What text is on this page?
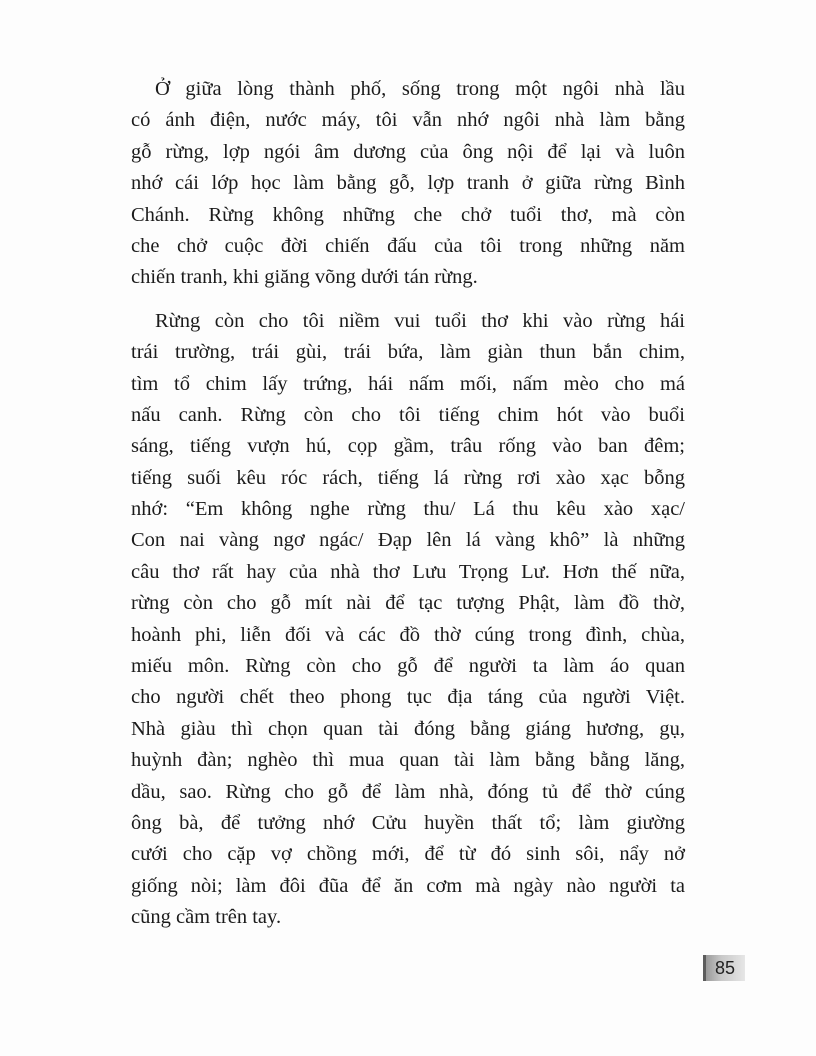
Ở giữa lòng thành phố, sống trong một ngôi nhà lầu
có ánh điện, nước máy, tôi vẫn nhớ ngôi nhà làm bằng
gỗ rừng, lợp ngói âm dương của ông nội để lại và luôn
nhớ cái lớp học làm bằng gỗ, lợp tranh ở giữa rừng Bình
Chánh. Rừng không những che chở tuổi thơ, mà còn
che chở cuộc đời chiến đấu của tôi trong những năm
chiến tranh, khi giăng võng dưới tán rừng.
Rừng còn cho tôi niềm vui tuổi thơ khi vào rừng hái
trái trường, trái gùi, trái bứa, làm giàn thun bắn chim,
tìm tổ chim lấy trứng, hái nấm mối, nấm mèo cho má
nấu canh. Rừng còn cho tôi tiếng chim hót vào buổi
sáng, tiếng vượn hú, cọp gầm, trâu rống vào ban đêm;
tiếng suối kêu róc rách, tiếng lá rừng rơi xào xạc bỗng
nhớ: “Em không nghe rừng thu/ Lá thu kêu xào xạc/
Con nai vàng ngơ ngác/ Đạp lên lá vàng khô” là những
câu thơ rất hay của nhà thơ Lưu Trọng Lư. Hơn thế nữa,
rừng còn cho gỗ mít nài để tạc tượng Phật, làm đồ thờ,
hoành phi, liễn đối và các đồ thờ cúng trong đình, chùa,
miếu môn. Rừng còn cho gỗ để người ta làm áo quan
cho người chết theo phong tục địa táng của người Việt.
Nhà giàu thì chọn quan tài đóng bằng giáng hương, gụ,
huỳnh đàn; nghèo thì mua quan tài làm bằng bằng lăng,
dầu, sao. Rừng cho gỗ để làm nhà, đóng tủ để thờ cúng
ông bà, để tưởng nhớ Cửu huyền thất tổ; làm giường
cưới cho cặp vợ chồng mới, để từ đó sinh sôi, nẩy nở
giống nòi; làm đôi đũa để ăn cơm mà ngày nào người ta
cũng cầm trên tay.
85
